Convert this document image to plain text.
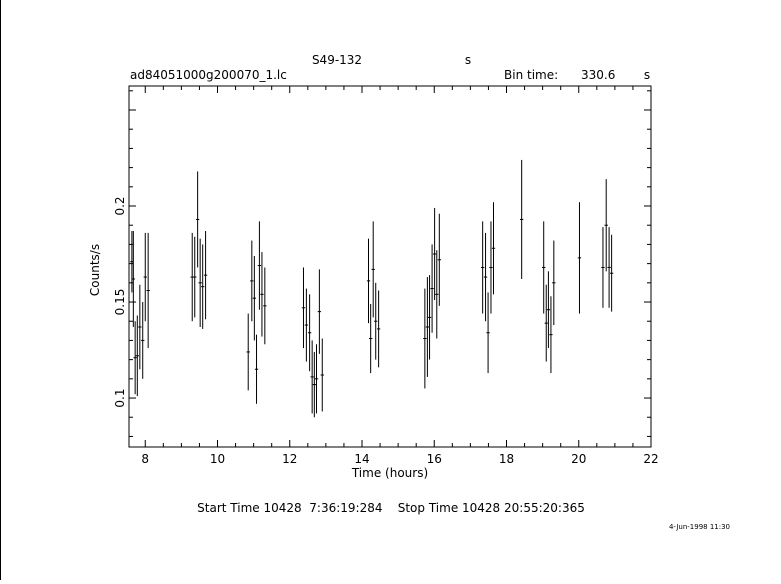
S49-132	s
ad84051000g200070_1.lc	Bin time: 330.6 s
8	10	12	14	16	18	20	22
0.1
0.15
0.2
Time (hours)
Counts/s
Start Time 10428  7:36:19:284    Stop Time 10428 20:55:20:365
4-Jun-1998 11:30
